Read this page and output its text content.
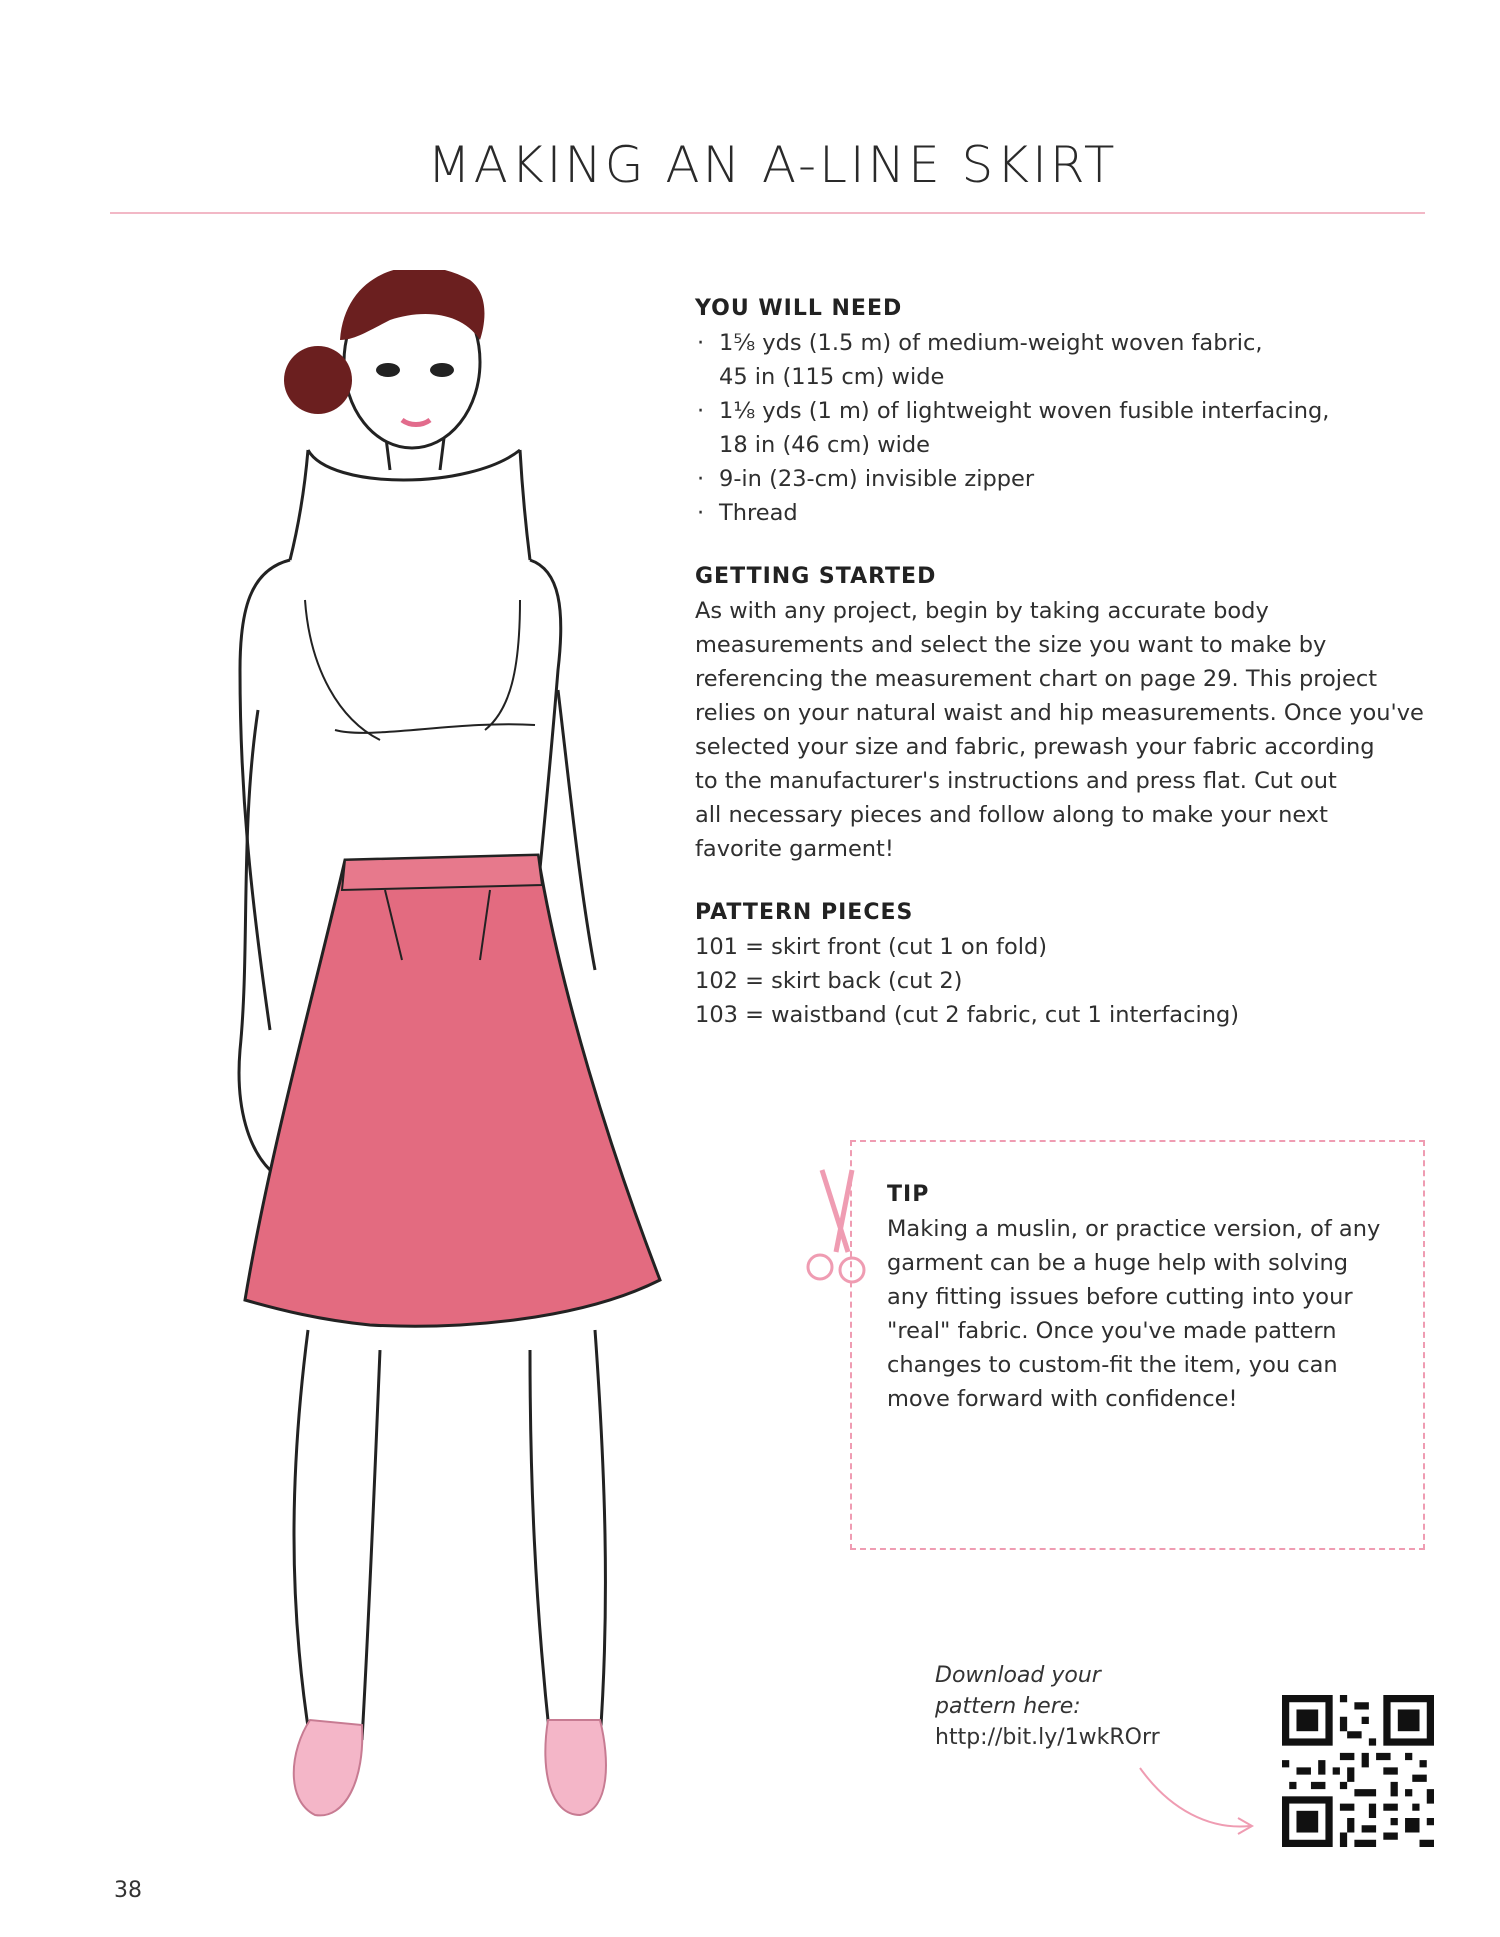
MAKING AN A-LINE SKIRT
YOU WILL NEED
· 1⅝ yds (1.5 m) of medium-weight woven fabric,
45 in (115 cm) wide
· 1⅛ yds (1 m) of lightweight woven fusible interfacing,
18 in (46 cm) wide
· 9-in (23-cm) invisible zipper
· Thread
GETTING STARTED

As with any project, begin by taking accurate body
measurements and select the size you want to make by
referencing the measurement chart on page 29. This project
relies on your natural waist and hip measurements. Once you've
selected your size and fabric, prewash your fabric according
to the manufacturer's instructions and press flat. Cut out
all necessary pieces and follow along to make your next
favorite garment!

PATTERN PIECES
101 = skirt front (cut 1 on fold)
102 = skirt back (cut 2)
103 = waistband (cut 2 fabric, cut 1 interfacing)
TIP
Making a muslin, or practice version, of any
garment can be a huge help with solving
any fitting issues before cutting into your
"real" fabric. Once you've made pattern
changes to custom-fit the item, you can
move forward with confidence!
Download your
pattern here:
http://bit.ly/1wkROrr
38
